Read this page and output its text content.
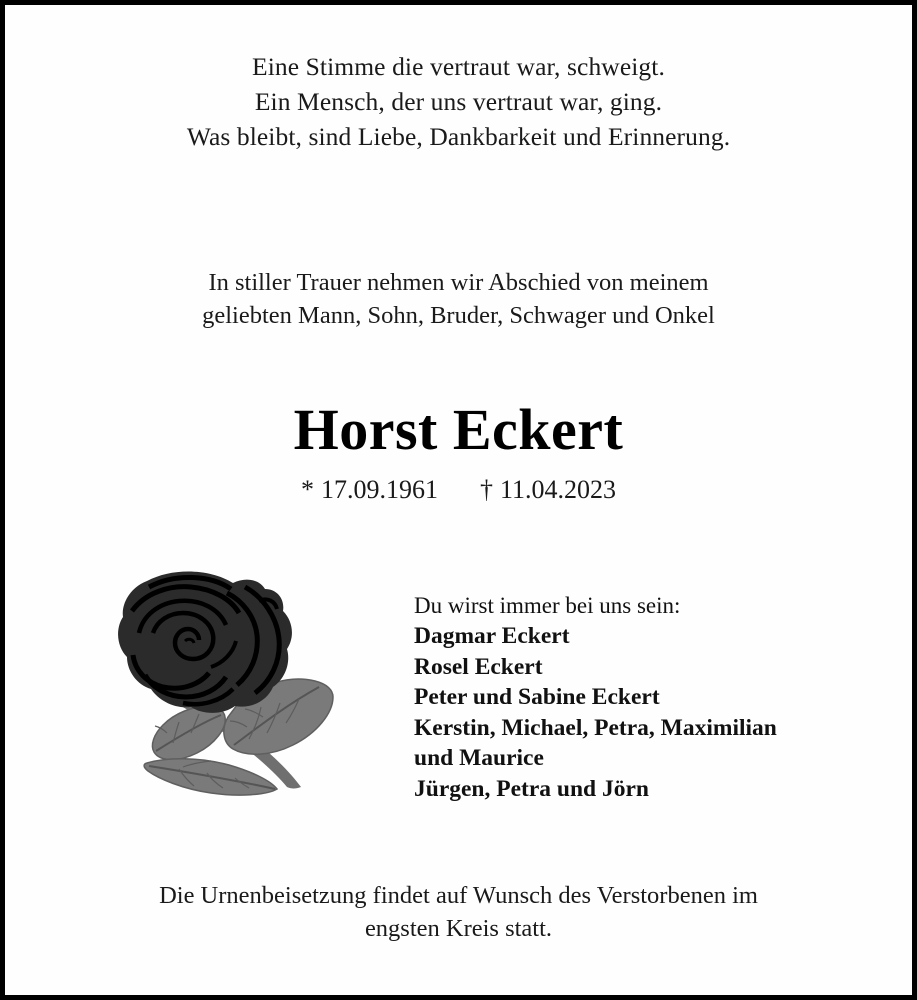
Eine Stimme die vertraut war, schweigt.
Ein Mensch, der uns vertraut war, ging.
Was bleibt, sind Liebe, Dankbarkeit und Erinnerung.
In stiller Trauer nehmen wir Abschied von meinem
geliebten Mann, Sohn, Bruder, Schwager und Onkel
Horst Eckert
* 17.09.1961 † 11.04.2023
Du wirst immer bei uns sein:
Dagmar Eckert
Rosel Eckert
Peter und Sabine Eckert
Kerstin, Michael, Petra, Maximilian
und Maurice
Jürgen, Petra und Jörn
Die Urnenbeisetzung findet auf Wunsch des Verstorbenen im
engsten Kreis statt.
